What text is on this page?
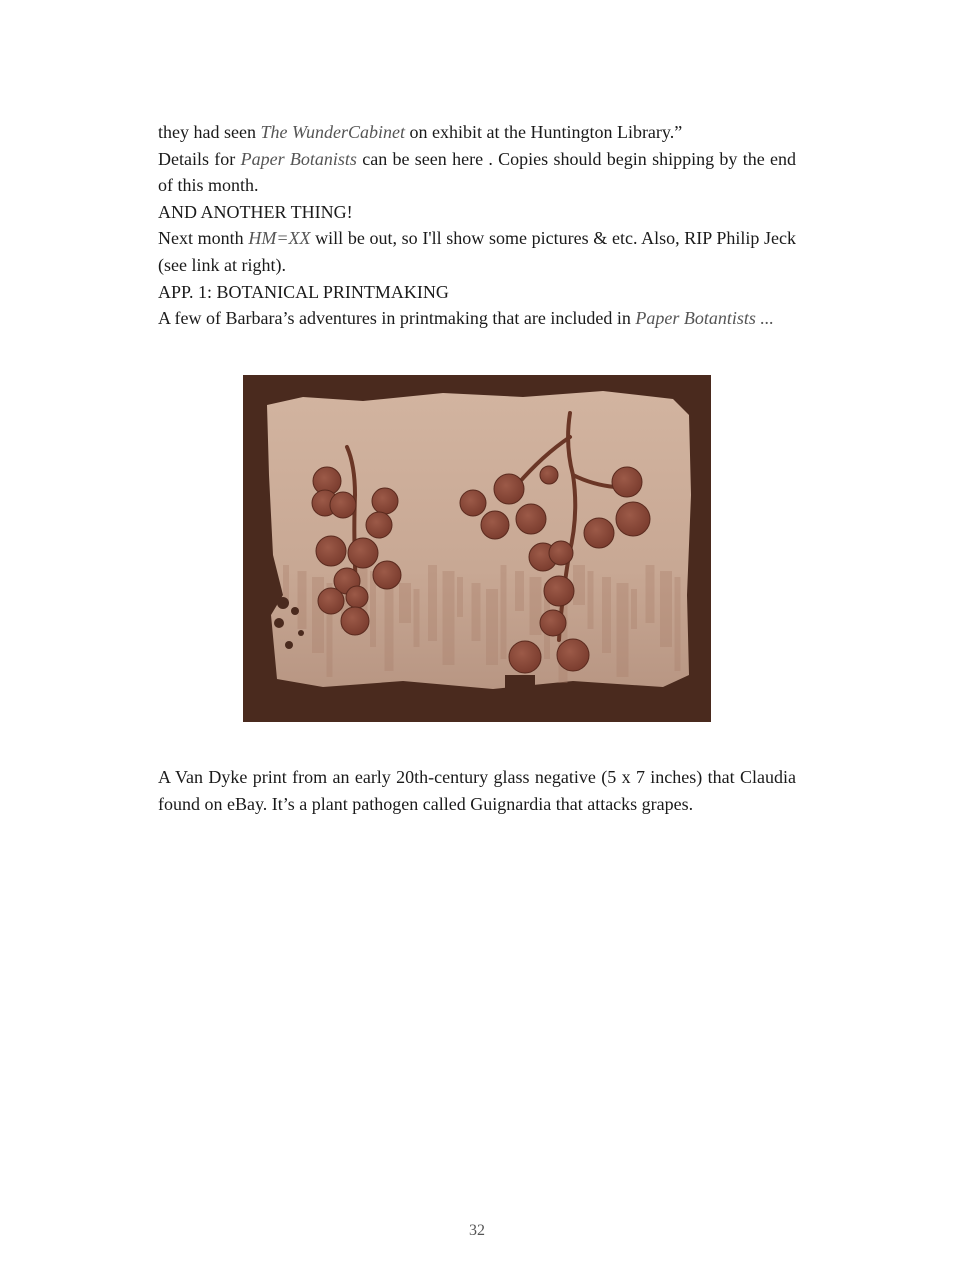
they had seen The WunderCabinet on exhibit at the Huntington Library.”

Details for Paper Botanists can be seen here . Copies should begin shipping by the end of this month.

AND ANOTHER THING!

Next month HM=XX will be out, so I'll show some pictures & etc. Also, RIP Philip Jeck (see link at right).

APP. 1: BOTANICAL PRINTMAKING

A few of Barbara’s adventures in printmaking that are included in Paper Botantists ...

A Van Dyke print from an early 20th-century glass negative (5 x 7 inches) that Claudia found on eBay. It’s a plant pathogen called Guignardia that attacks grapes.
32
